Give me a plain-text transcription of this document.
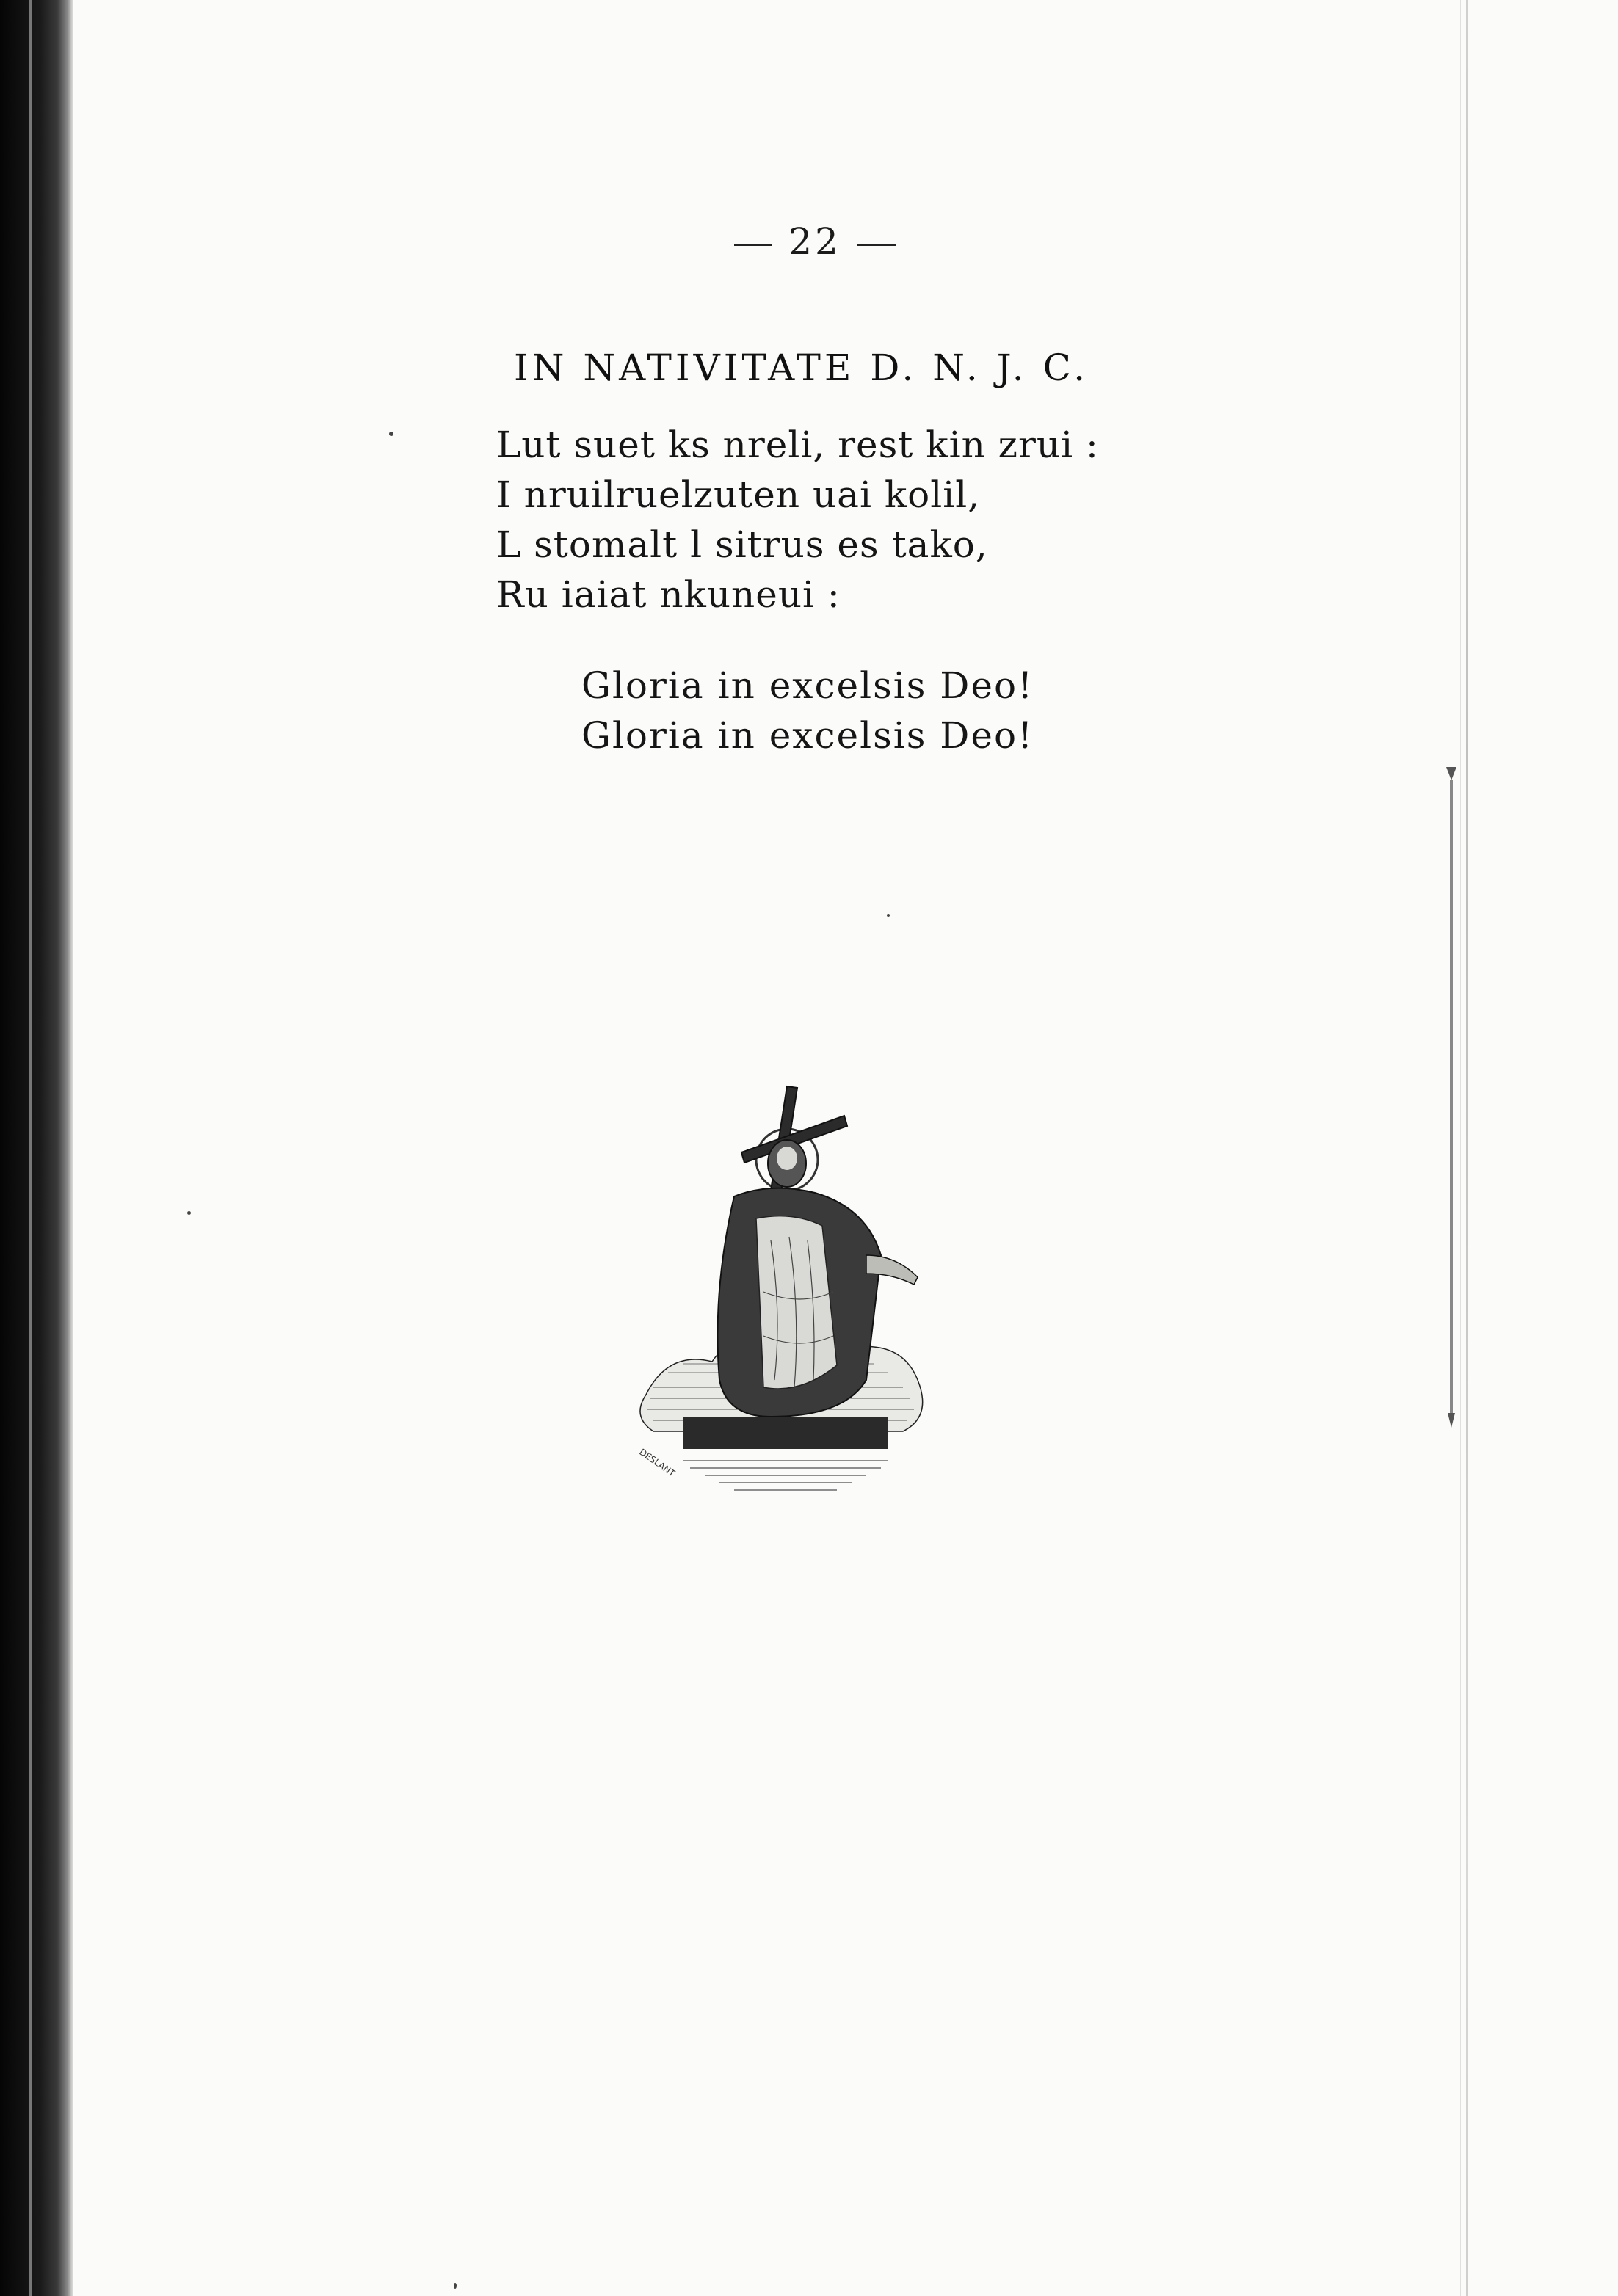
22
IN NATIVITATE D. N. J. C.
Lut suet ks nreli, rest kin zrui :
I nruilruelzuten uai kolil,
L stomalt l sitrus es tako,
Ru iaiat nkuneui :
Gloria in excelsis Deo!
Gloria in excelsis Deo!
DESLANT
